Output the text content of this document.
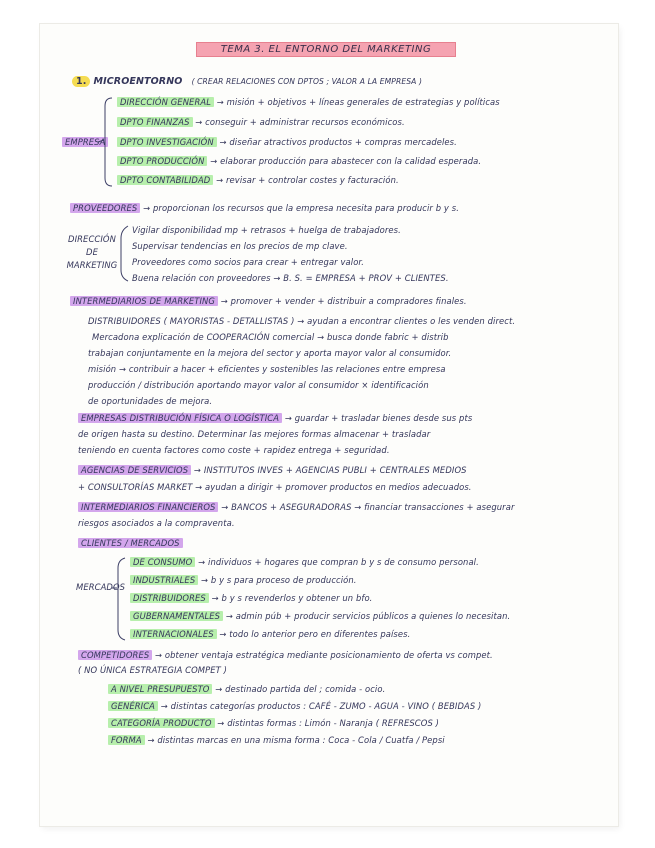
TEMA 3. EL ENTORNO DEL MARKETING
1. MICROENTORNO ( CREAR RELACIONES CON DPTOS ; VALOR A LA EMPRESA )
EMPRESA
DIRECCIÓN GENERAL → misión + objetivos + líneas generales de estrategias y políticas
DPTO FINANZAS → conseguir + administrar recursos económicos.
DPTO INVESTIGACIÓN → diseñar atractivos productos + compras mercadeles.
DPTO PRODUCCIÓN → elaborar producción para abastecer con la calidad esperada.
DPTO CONTABILIDAD → revisar + controlar costes y facturación.
PROVEEDORES → proporcionan los recursos que la empresa necesita para producir b y s.
DIRECCIÓN DE MARKETING
Vigilar disponibilidad mp + retrasos + huelga de trabajadores.
Supervisar tendencias en los precios de mp clave.
Proveedores como socios para crear + entregar valor.
Buena relación con proveedores → B. S. = EMPRESA + PROV + CLIENTES.
INTERMEDIARIOS DE MARKETING → promover + vender + distribuir a compradores finales.
DISTRIBUIDORES ( MAYORISTAS - DETALLISTAS ) → ayudan a encontrar clientes o les venden direct.
Mercadona explicación de COOPERACIÓN comercial → busca donde fabric + distrib
trabajan conjuntamente en la mejora del sector y aporta mayor valor al consumidor.
misión → contribuir a hacer + eficientes y sostenibles las relaciones entre empresa
producción / distribución aportando mayor valor al consumidor × identificación
de oportunidades de mejora.
EMPRESAS DISTRIBUCIÓN FÍSICA O LOGÍSTICA → guardar + trasladar bienes desde sus pts
de origen hasta su destino. Determinar las mejores formas almacenar + trasladar
teniendo en cuenta factores como coste + rapidez entrega + seguridad.
AGENCIAS DE SERVICIOS → INSTITUTOS INVES + AGENCIAS PUBLI + CENTRALES MEDIOS
+ CONSULTORÍAS MARKET → ayudan a dirigir + promover productos en medios adecuados.
INTERMEDIARIOS FINANCIEROS → BANCOS + ASEGURADORAS → financiar transacciones + asegurar
riesgos asociados a la compraventa.
CLIENTES / MERCADOS
MERCADOS
DE CONSUMO → individuos + hogares que compran b y s de consumo personal.
INDUSTRIALES → b y s para proceso de producción.
DISTRIBUIDORES → b y s revenderlos y obtener un bfo.
GUBERNAMENTALES → admin púb + producir servicios públicos a quienes lo necesitan.
INTERNACIONALES → todo lo anterior pero en diferentes países.
COMPETIDORES → obtener ventaja estratégica mediante posicionamiento de oferta vs compet.
( NO ÚNICA ESTRATEGIA COMPET )
A NIVEL PRESUPUESTO → destinado partida del ; comida - ocio.
GENÉRICA → distintas categorías productos : CAFÉ - ZUMO - AGUA - VINO ( BEBIDAS )
CATEGORÍA PRODUCTO → distintas formas : Limón - Naranja ( REFRESCOS )
FORMA → distintas marcas en una misma forma : Coca - Cola / Cuatfa / Pepsi
